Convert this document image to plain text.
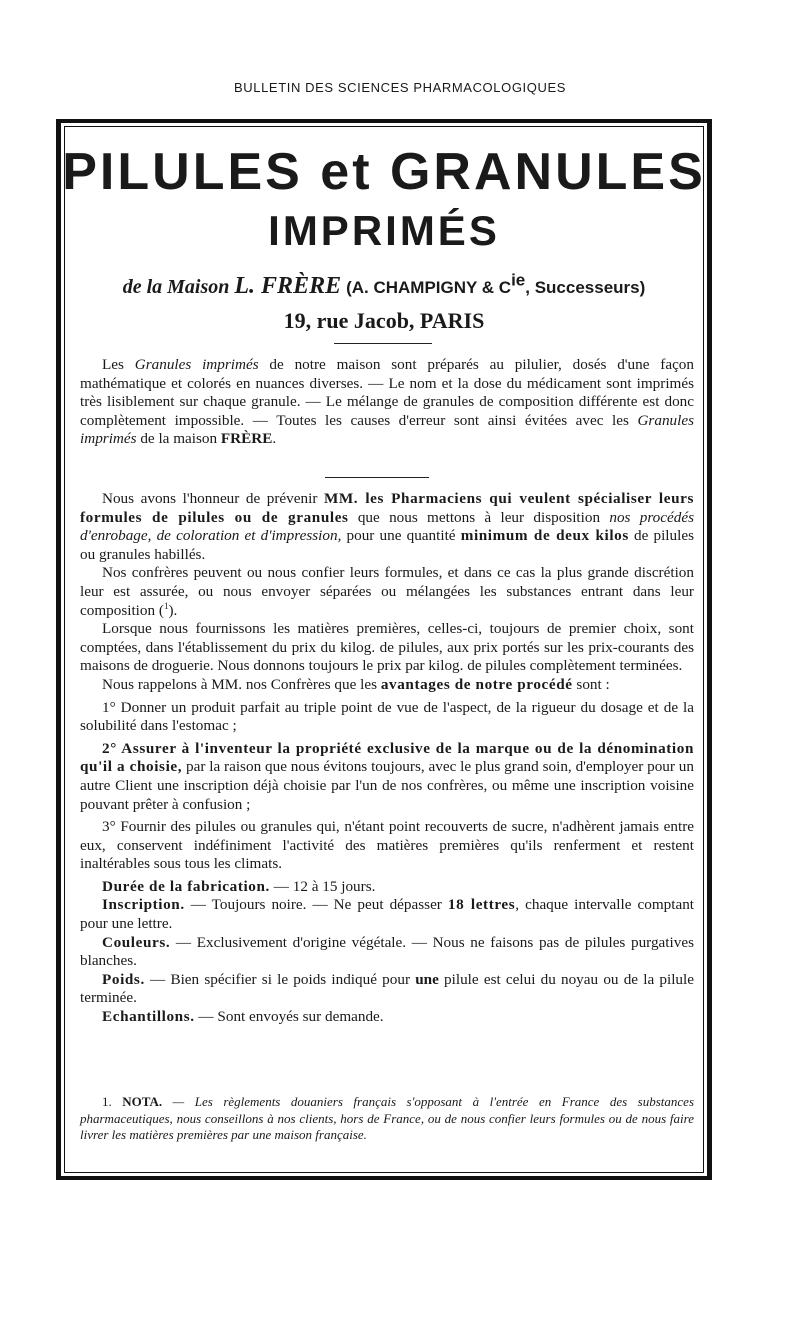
BULLETIN DES SCIENCES PHARMACOLOGIQUES
PILULES et GRANULES
IMPRIMÉS
de la Maison L. FRÈRE (A. CHAMPIGNY & $C^{ie}$, Successeurs)
19, rue Jacob, PARIS

Les Granules imprimés de notre maison sont préparés au pilulier, dosés d'une façon mathématique et colorés en nuances diverses. — Le nom et la dose du médicament sont imprimés très lisiblement sur chaque granule. — Le mélange de granules de composition différente est donc complètement impossible. — Toutes les causes d'erreur sont ainsi évitées avec les Granules imprimés de la maison FRÈRE.

Nous avons l'honneur de prévenir MM. les Pharmaciens qui veulent spécialiser leurs formules de pilules ou de granules que nous mettons à leur disposition nos procédés d'enrobage, de coloration et d'impression, pour une quantité minimum de deux kilos de pilules ou granules habillés.

Nos confrères peuvent ou nous confier leurs formules, et dans ce cas la plus grande discrétion leur est assurée, ou nous envoyer séparées ou mélangées les substances entrant dans leur composition ($^1$).

Lorsque nous fournissons les matières premières, celles-ci, toujours de premier choix, sont comptées, dans l'établissement du prix du kilog. de pilules, aux prix portés sur les prix-courants des maisons de droguerie. Nous donnons toujours le prix par kilog. de pilules complètement terminées.

Nous rappelons à MM. nos Confrères que les avantages de notre procédé sont :

1° Donner un produit parfait au triple point de vue de l'aspect, de la rigueur du dosage et de la solubilité dans l'estomac ;

2° Assurer à l'inventeur la propriété exclusive de la marque ou de la dénomination qu'il a choisie, par la raison que nous évitons toujours, avec le plus grand soin, d'employer pour un autre Client une inscription déjà choisie par l'un de nos confrères, ou même une inscription voisine pouvant prêter à confusion ;

3° Fournir des pilules ou granules qui, n'étant point recouverts de sucre, n'adhèrent jamais entre eux, conservent indéfiniment l'activité des matières premières qu'ils renferment et restent inaltérables sous tous les climats.

Durée de la fabrication. — 12 à 15 jours.

Inscription. — Toujours noire. — Ne peut dépasser 18 lettres, chaque intervalle comptant pour une lettre.

Couleurs. — Exclusivement d'origine végétale. — Nous ne faisons pas de pilules purgatives blanches.

Poids. — Bien spécifier si le poids indiqué pour une pilule est celui du noyau ou de la pilule terminée.

Echantillons. — Sont envoyés sur demande.

1. NOTA. — Les règlements douaniers français s'opposant à l'entrée en France des substances pharmaceutiques, nous conseillons à nos clients, hors de France, ou de nous confier leurs formules ou de nous faire livrer les matières premières par une maison française.
